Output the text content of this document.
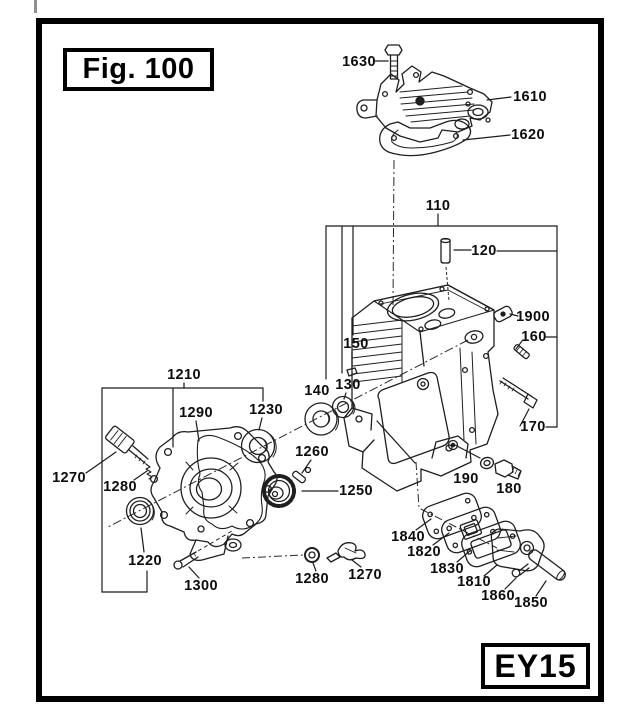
Fig. 100
EY15
1630
1610
1620
110
120
1900
160
170
150
130
140
1210
1290 1230
1260
1250
1270
1280
1220
1300	1280 1270
1840
1820
1830
1810
1860 1850
190
180
